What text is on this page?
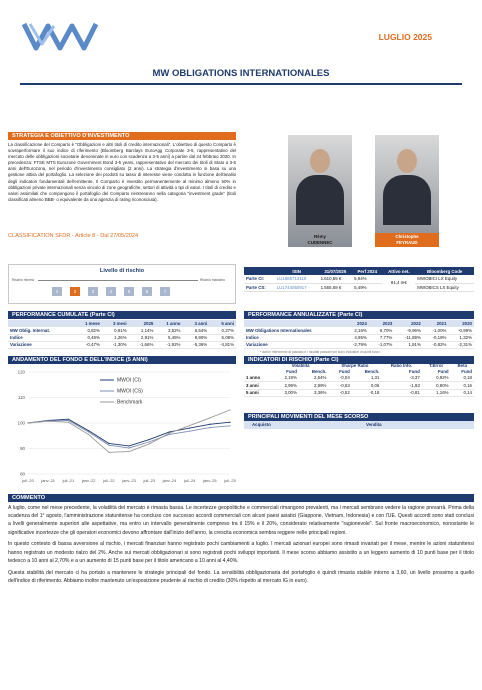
LUGLIO 2025
MW OBLIGATIONS INTERNATIONALES
STRATEGIA E OBIETTIVO D'INVESTIMENTO
La classificazione del Comparto è "Obbligazioni e altri titoli di credito internazionali". L'obiettivo di questo Comparto è sovraperformare il suo indice di riferimento (Bloomberg Barclays EuroAgg Corporate 3-5, rappresentativo del mercato delle obbligazioni societarie denominate in euro con scadenza a 3-5 anni) a partire dal 24 febbraio 2020. In precedenza: FTSE MTS Eurozone Government Bond 3-5 years, rappresentativo del mercato dei titoli di Stato a 3-5 anni dell'Eurozona, nel periodo d'investimento consigliato (2 anni). La strategia d'investimento si basa su una gestione attiva del portafoglio. La selezione dei prodotti su tasso di interesse viene condotta in funzione dell'analisi degli indicatori fondamentali dell'emittente. Il Comparto è investito permanentemente al minimo almeno 50% in obbligazioni private internazionali senza vincolo di zone geografiche, settori di attività o tipi di valori. I titoli di credito e valori assimilati che compongono il portafoglio del Comparto rientreranno nella categoria "investment grade" (titoli classificati almeno BBB- o equivalente da una agenzia di rating riconosciuta).
CLASSIFICATION SFDR - Article 8 - Dal 27/05/2024	Rémy
CUDENNEC
Christophe
FEYRAUD
Livello di rischio
Rischio minimo	Rischio massimo
1	2	3	4	5	6	7
	ISIN	31/07/2025	Perf 2024	Attivo net.	Bloomberg Code
Parte CI:	LU1665713110	1.610,55 €	5,94%	81,4 m€	MWOBICI LX Equity
Parte CS:	LU1744050917	1.565,68 €	5,49%		MWOBICS LX Equity
PERFORMANCE CUMULATE (Parte CI)
	1 mese	3 mesi	2025	1 anno	3 anni	5 anni
MW Oblig. Internat.	0,82%	0,91%	1,14%	3,52%	6,54%	0,27%
Indice	0,49%	1,26%	2,91%	5,45%	9,90%	5,08%
Variazione	-0,47%	-1,30%	-1,66%	-1,92%	-5,36%	-4,81%
PERFORMANCE ANNUALIZZATE (Parte CI)
	2024	2023	2022	2021	2020
MW Obligations Internationales	2,16%	6,70%	-9,96%	-1,00%	-0,99%
Indice	4,95%	7,77%	-11,89%	-0,18%	1,32%
Variazione	-2,79%	-1,07%	1,91%	-0,82%	-2,31%
* dati in riferimento al passato e i risultati passati non sono indicatori di quelli futuri.
ANDAMENTO DEL FONDO E DELL'INDICE (5 ANNI)
80
90
100
110
120
juil.-20 janv.-21 juil.-21 janv.-22 juil.-22 janv.-23 juil.-23 janv.-24 juil.-24 janv.-25 juil.-25
MWOI (CI)
MWOI (CS)
Benchmark
INDICATORI DI RISCHIO (Parte CI)
	Volatilità		Sharpe Ratio		Ratio Info.	T.Error	Beta
	Fund	Bench.	Fund	Bench.	Fund	Fund	Fund
1 anno	2,19%	2,54%	-0,04	1,31	-3,37	0,92%	0,18
3 anni	2,99%	2,99%	-0,53	0,06	-1,93	0,90%	0,16
5 anni	3,00%	3,36%	-0,52	-0,18	-0,81	1,16%	0,14
PRINCIPALI MOVIMENTI DEL MESE SCORSO
Acquisto	Vendita
COMMENTO

A luglio, come nel mese precedente, la volatilità del mercato è rimasta bassa. Le incertezze geopolitiche e commerciali rimangono prevalenti, ma i mercati sembrano vedere la ragione prevarrà. Prima della scadenza del 1° agosto, l'amministrazione statunitense ha concluso con successo accordi commerciali con alcuni paesi asiatici (Giappone, Vietnam, Indonesia) e con l'UE. Questi accordi sono stati conclusi a livelli generalmente superiori alle aspettative, ma entro un intervallo generalmente compreso tra il 15% e il 20%, considerato relativamente "ragionevole". Sul fronte macroeconomico, nonostante le significative incertezze che gli operatori economici devono affrontare dall'inizio dell'anno, la crescita economica sembra reggere nelle principali regioni.

In questo contesto di bassa avversione al rischio, i mercati finanziari hanno registrato pochi cambiamenti a luglio. I mercati azionari europei sono rimasti invariati per il mese, mentre le azioni statunitensi hanno registrato un modesto rialzo del 2%. Anche sui mercati obbligazionari si sono registrati pochi sviluppi importanti. Il mese scorso abbiamo assistito a un leggero aumento di 10 punti base per il titolo tedesco a 10 anni al 2,70% e a un aumento di 15 punti base per il titolo americano a 10 anni al 4,40%.

Questa stabilità del mercato ci ha portato a mantenere le strategie principali del fondo. La sensibilità obbligazionaria del portafoglio è quindi rimasta stabile intorno a 3,60, un livello prossimo a quello dell'indice di riferimento. Abbiamo inoltre mantenuto un'esposizione prudente al rischio di credito (30% rispetto al mercato IG in euro).
